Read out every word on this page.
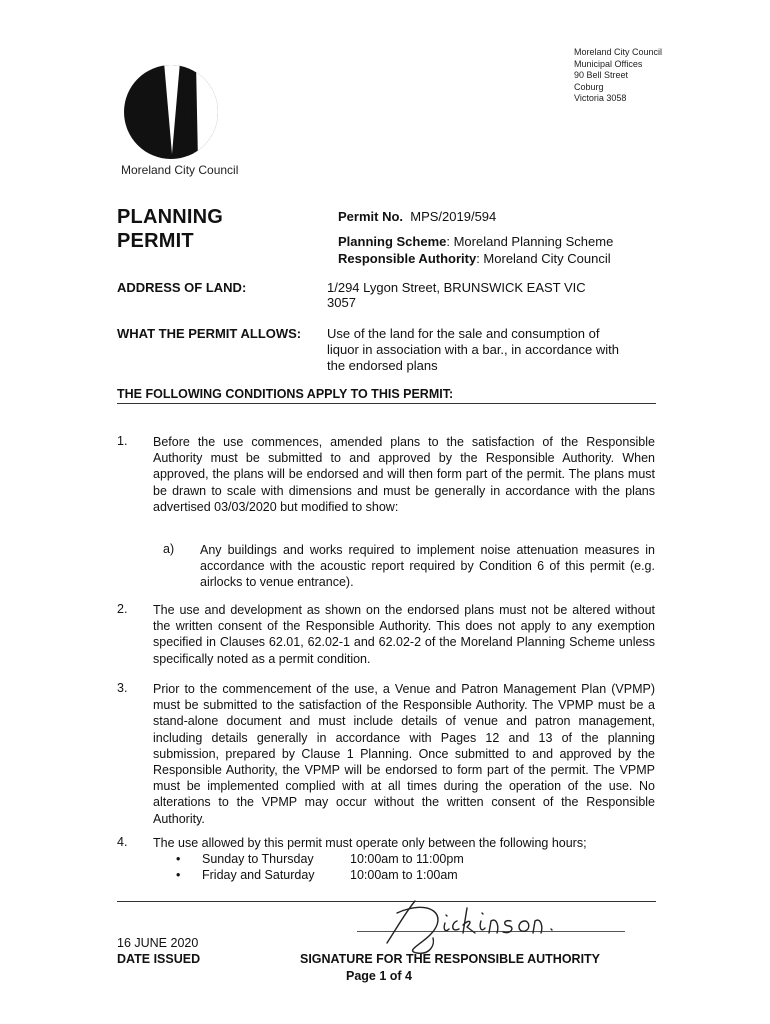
Moreland City Council
Municipal Offices
90 Bell Street
Coburg
Victoria 3058
Moreland City Council
PLANNING
PERMIT
Permit No. MPS/2019/594
Planning Scheme: Moreland Planning Scheme
Responsible Authority: Moreland City Council
ADDRESS OF LAND:	1/294 Lygon Street, BRUNSWICK EAST VIC
3057
WHAT THE PERMIT ALLOWS: Use of the land for the sale and consumption of
liquor in association with a bar., in accordance with
the endorsed plans
THE FOLLOWING CONDITIONS APPLY TO THIS PERMIT:
1. Before the use commences, amended plans to the satisfaction of the Responsible Authority must be submitted to and approved by the Responsible Authority. When approved, the plans will be endorsed and will then form part of the permit. The plans must be drawn to scale with dimensions and must be generally in accordance with the plans advertised 03/03/2020 but modified to show:
a) Any buildings and works required to implement noise attenuation measures in accordance with the acoustic report required by Condition 6 of this permit (e.g. airlocks to venue entrance).
2. The use and development as shown on the endorsed plans must not be altered without the written consent of the Responsible Authority. This does not apply to any exemption specified in Clauses 62.01, 62.02-1 and 62.02-2 of the Moreland Planning Scheme unless specifically noted as a permit condition.
3. Prior to the commencement of the use, a Venue and Patron Management Plan (VPMP) must be submitted to the satisfaction of the Responsible Authority. The VPMP must be a stand-alone document and must include details of venue and patron management, including details generally in accordance with Pages 12 and 13 of the planning submission, prepared by Clause 1 Planning. Once submitted to and approved by the Responsible Authority, the VPMP will be endorsed to form part of the permit. The VPMP must be implemented complied with at all times during the operation of the use. No alterations to the VPMP may occur without the written consent of the Responsible Authority.
4. The use allowed by this permit must operate only between the following hours;
•	Sunday to Thursday	10:00am to 11:00pm
•	Friday and Saturday	10:00am to 1:00am
16 JUNE 2020
DATE ISSUED	SIGNATURE FOR THE RESPONSIBLE AUTHORITY
Page 1 of 4
